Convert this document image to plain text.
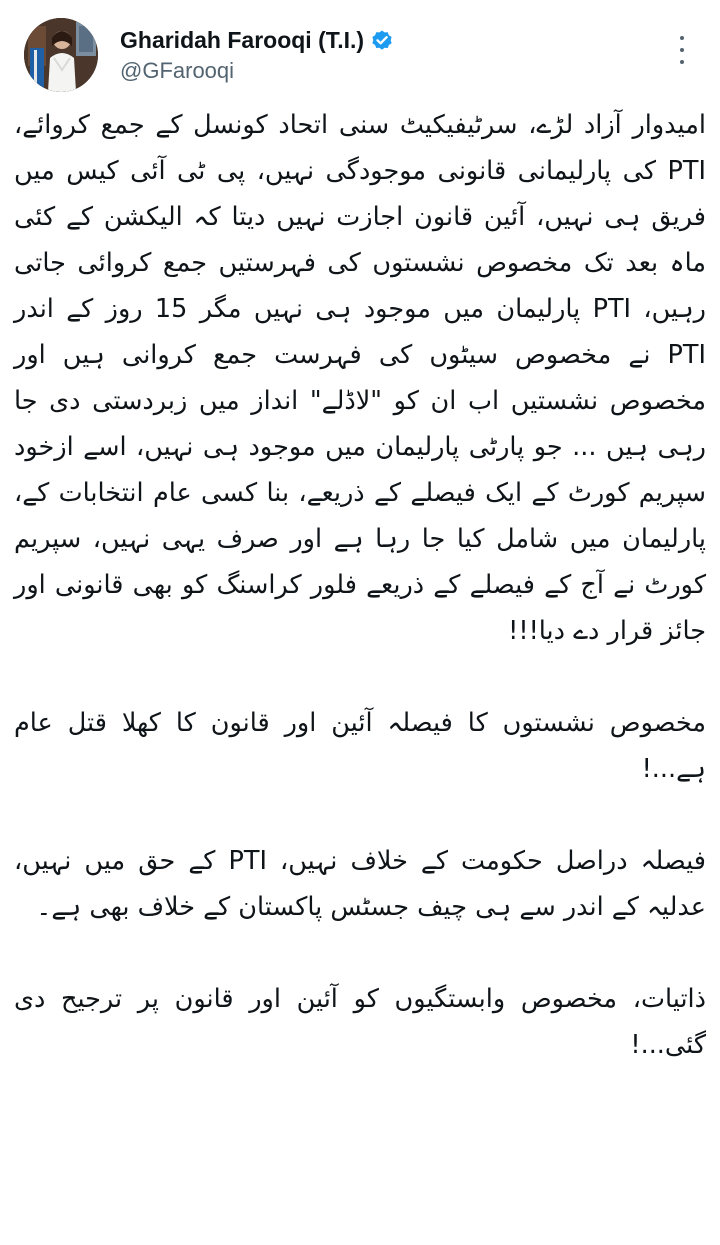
Gharidah Farooqi (T.I.)
@GFarooqi

امیدوار آزاد لڑے، سرٹیفیکیٹ سنی اتحاد کونسل کے جمع کروائے، PTI کی پارلیمانی قانونی موجودگی نہیں، پی ٹی آئی کیس میں فریق ہی نہیں، آئین قانون اجازت نہیں دیتا کہ الیکشن کے کئی ماہ بعد تک مخصوص نشستوں کی فہرستیں جمع کروائی جاتی رہیں، PTI پارلیمان میں موجود ہی نہیں مگر 15 روز کے اندر PTI نے مخصوص سیٹوں کی فہرست جمع کروانی ہیں اور مخصوص نشستیں اب ان کو "لاڈلے" انداز میں زبردستی دی جا رہی ہیں ... جو پارٹی پارلیمان میں موجود ہی نہیں، اسے ازخود سپریم کورٹ کے ایک فیصلے کے ذریعے، بنا کسی عام انتخابات کے، پارلیمان میں شامل کیا جا رہا ہے اور صرف یہی نہیں، سپریم کورٹ نے آج کے فیصلے کے ذریعے فلور کراسنگ کو بھی قانونی اور جائز قرار دے دیا!!!

مخصوص نشستوں کا فیصلہ آئین اور قانون کا کھلا قتل عام ہے...!

فیصلہ دراصل حکومت کے خلاف نہیں، PTI کے حق میں نہیں، عدلیہ کے اندر سے ہی چیف جسٹس پاکستان کے خلاف بھی ہے۔

ذاتیات، مخصوص وابستگیوں کو آئین اور قانون پر ترجیح دی گئی...!
